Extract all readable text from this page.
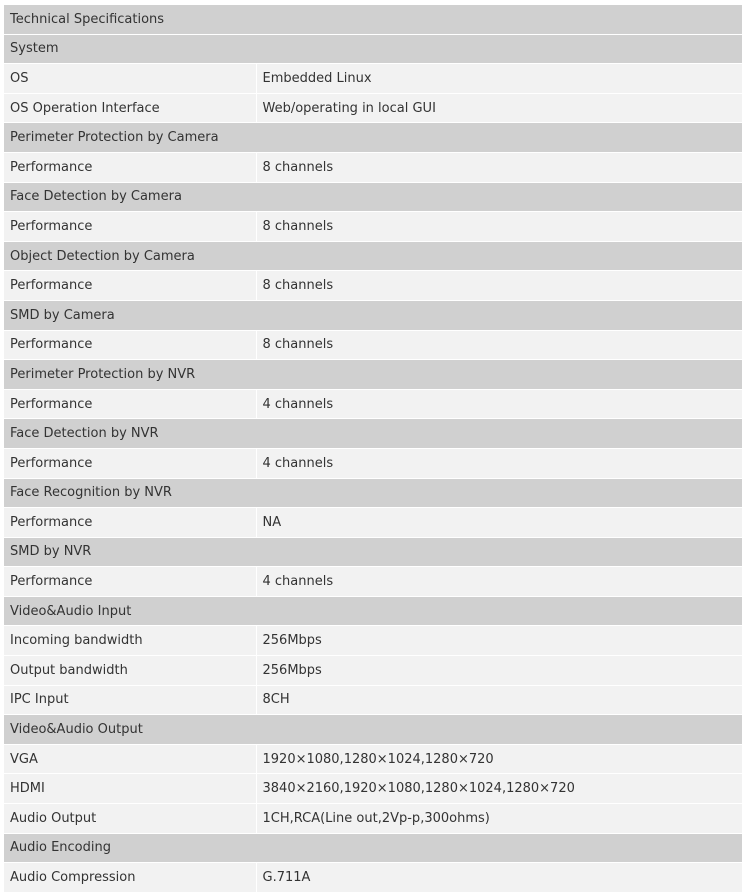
Technical Specifications	
System	
OS	Embedded Linux
OS Operation Interface	Web/operating in local GUI
Perimeter Protection by Camera	
Performance	8 channels
Face Detection by Camera	
Performance	8 channels
Object Detection by Camera	
Performance	8 channels
SMD by Camera	
Performance	8 channels
Perimeter Protection by NVR	
Performance	4 channels
Face Detection by NVR	
Performance	4 channels
Face Recognition by NVR	
Performance	NA
SMD by NVR	
Performance	4 channels
Video&Audio Input	
Incoming bandwidth	256Mbps
Output bandwidth	256Mbps
IPC Input	8CH
Video&Audio Output	
VGA	1920×1080,1280×1024,1280×720
HDMI	3840×2160,1920×1080,1280×1024,1280×720
Audio Output	1CH,RCA(Line out,2Vp-p,300ohms)
Audio Encoding	
Audio Compression	G.711A
